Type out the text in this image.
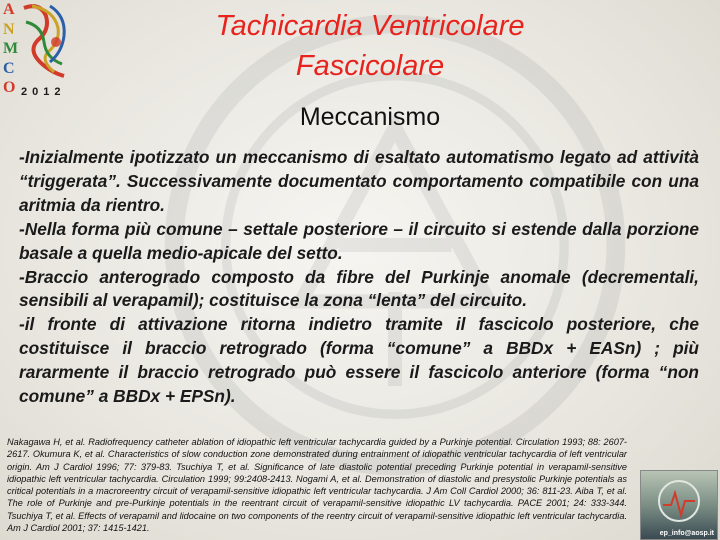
A
N
M
C
O 2012
Tachicardia Ventricolare
Fascicolare
Meccanismo

-Inizialmente ipotizzato un meccanismo di esaltato automatismo legato ad attività “triggerata”. Successivamente documentato comportamento compatibile con una aritmia da rientro.

-Nella forma più comune – settale posteriore – il circuito si estende dalla porzione basale a quella medio-apicale del setto.

-Braccio anterogrado composto da fibre del Purkinje anomale (decrementali, sensibili al verapamil); costituisce la zona “lenta” del circuito.

-il fronte di attivazione ritorna indietro tramite il fascicolo posteriore, che costituisce il braccio retrogrado (forma “comune” a BBDx + EASn) ; più rararmente il braccio retrogrado può essere il fascicolo anteriore (forma “non comune” a BBDx + EPSn).

Nakagawa H, et al. Radiofrequency catheter ablation of idiopathic left ventricular tachycardia guided by a Purkinje potential. Circulation 1993; 88: 2607-2617. Okumura K, et al. Characteristics of slow conduction zone demonstrated during entrainment of idiopathic ventricular tachycardia of left ventricular origin. Am J Cardiol 1996; 77: 379-83. Tsuchiya T, et al. Significance of late diastolic potential preceding Purkinje potential in verapamil-sensitive idiopathic left ventricular tachycardia. Circulation 1999; 99:2408-2413. Nogami A, et al. Demonstration of diastolic and presystolic Purkinje potentials as critical potentials in a macroreentry circuit of verapamil-sensitive idiopathic left ventricular tachycardia. J Am Coll Cardiol 2000; 36: 811-23. Aiba T, et al. The role of Purkinje and pre-Purkinje potentials in the reentrant circuit of verapamil-sensitive idiopathic LV tachycardia. PACE 2001; 24: 333-344. Tsuchiya T, et al. Effects of verapamil and lidocaine on two components of the reentry circuit of verapamil-sensitive idiopathic left ventricular tachycardia. Am J Cardiol 2001; 37: 1415-1421.

ep_info@aosp.it
